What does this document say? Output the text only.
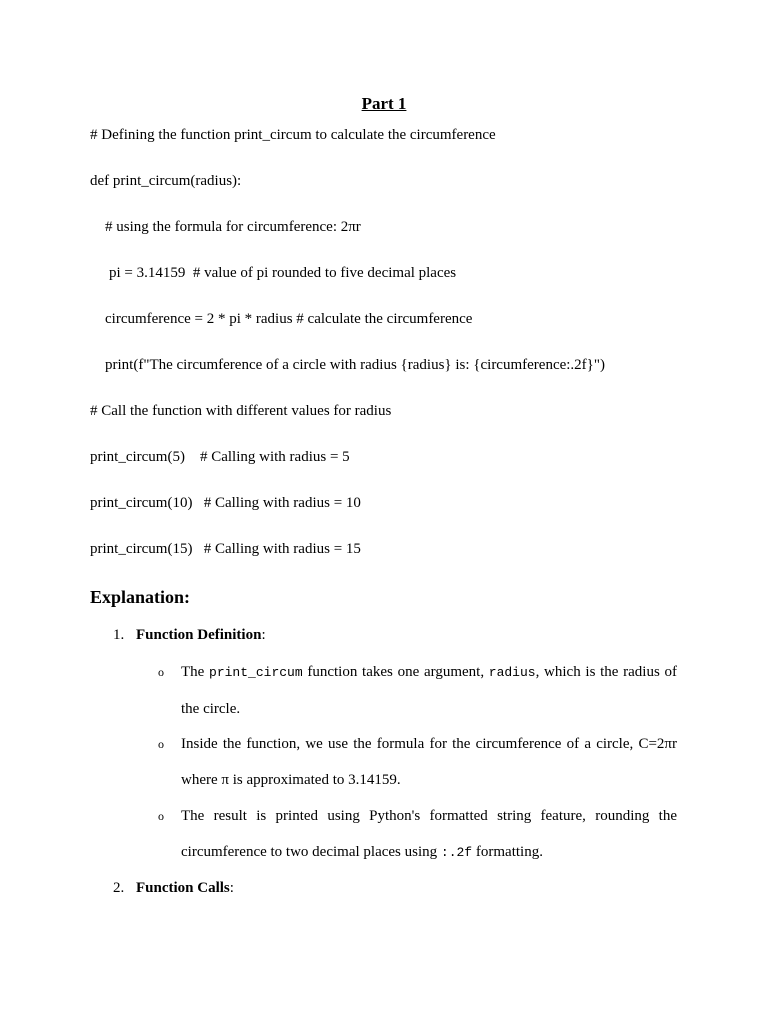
Part 1
# Defining the function print_circum to calculate the circumference
def print_circum(radius):
# using the formula for circumference: 2πr
pi = 3.14159  # value of pi rounded to five decimal places
circumference = 2 * pi * radius # calculate the circumference
print(f"The circumference of a circle with radius {radius} is: {circumference:.2f}")
# Call the function with different values for radius
print_circum(5)    # Calling with radius = 5
print_circum(10)   # Calling with radius = 10
print_circum(15)   # Calling with radius = 15
Explanation:
1. Function Definition:
o The print_circum function takes one argument, radius, which is the radius of the circle.
o Inside the function, we use the formula for the circumference of a circle, C=2πr where π is approximated to 3.14159.
o The result is printed using Python's formatted string feature, rounding the circumference to two decimal places using :.2f formatting.
2. Function Calls:
